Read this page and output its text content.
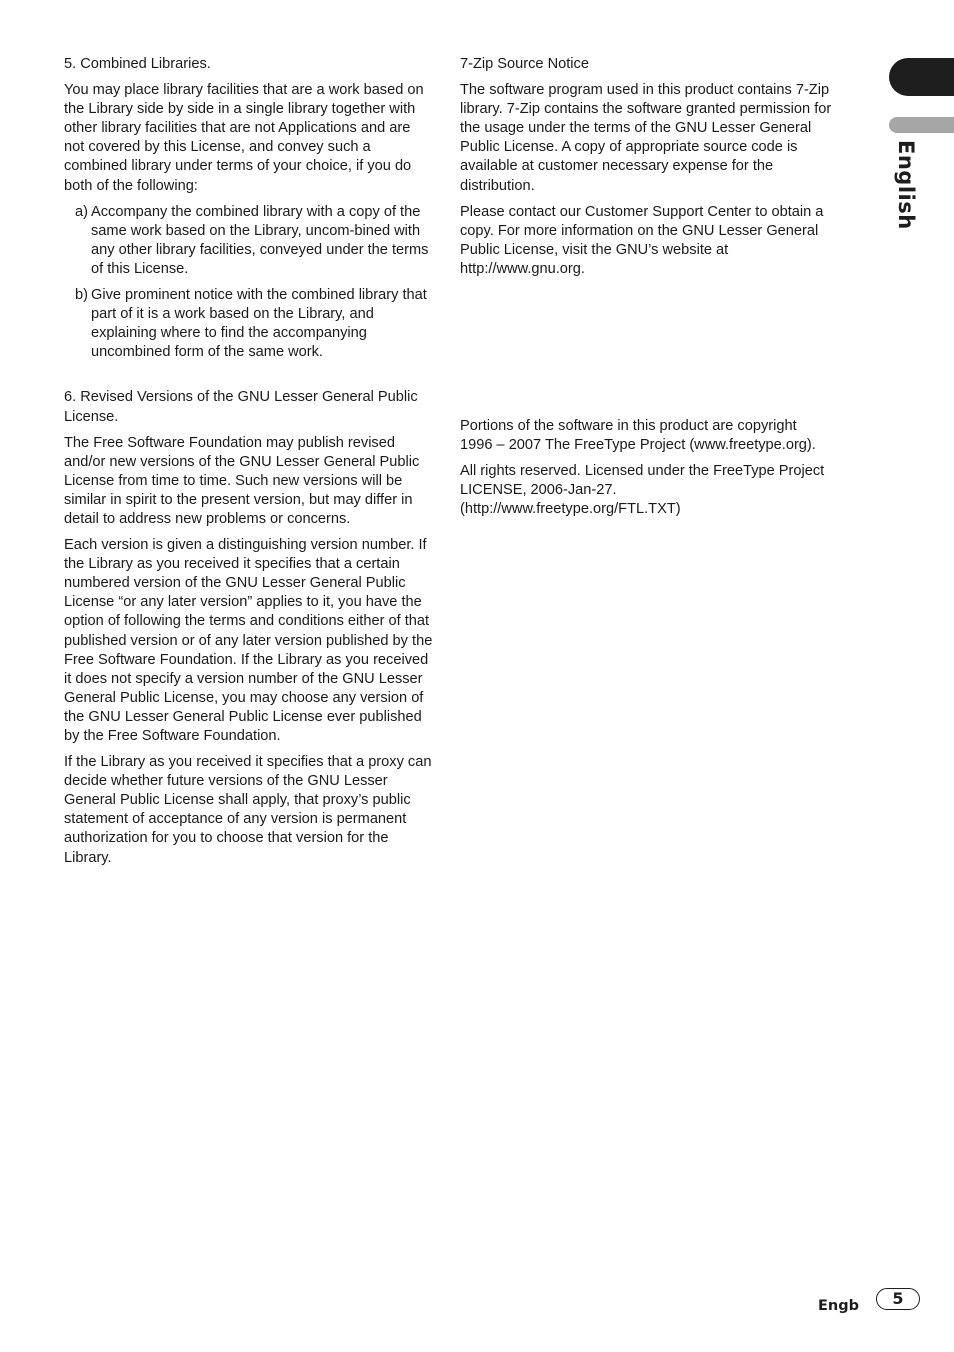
5. Combined Libraries.

You may place library facilities that are a work based on the Library side by side in a single library together with other library facilities that are not Applications and are not covered by this License, and convey such a combined library under terms of your choice, if you do both of the following:

a) Accompany the combined library with a copy of the same work based on the Library, uncom-bined with any other library facilities, conveyed under the terms of this License.
b) Give prominent notice with the combined library that part of it is a work based on the Library, and explaining where to find the accompanying uncombined form of the same work.

6. Revised Versions of the GNU Lesser General Public License.

The Free Software Foundation may publish revised and/or new versions of the GNU Lesser General Public License from time to time. Such new versions will be similar in spirit to the present version, but may differ in detail to address new problems or concerns.

Each version is given a distinguishing version number. If the Library as you received it specifies that a certain numbered version of the GNU Lesser General Public License “or any later version” applies to it, you have the option of following the terms and conditions either of that published version or of any later version published by the Free Software Foundation. If the Library as you received it does not specify a version number of the GNU Lesser General Public License, you may choose any version of the GNU Lesser General Public License ever published by the Free Software Foundation.

If the Library as you received it specifies that a proxy can decide whether future versions of the GNU Lesser General Public License shall apply, that proxy’s public statement of acceptance of any version is permanent authorization for you to choose that version for the Library.

7-Zip Source Notice

The software program used in this product contains 7-Zip library. 7-Zip contains the software granted permission for the usage under the terms of the GNU Lesser General Public License. A copy of appropriate source code is available at customer necessary expense for the distribution.

Please contact our Customer Support Center to obtain a copy. For more information on the GNU Lesser General Public License, visit the GNU’s website at http://www.gnu.org.

Portions of the software in this product are copyright 1996 – 2007 The FreeType Project (www.freetype.org).

All rights reserved. Licensed under the FreeType Project LICENSE, 2006-Jan-27. (http://www.freetype.org/FTL.TXT)

English
Engb	5
